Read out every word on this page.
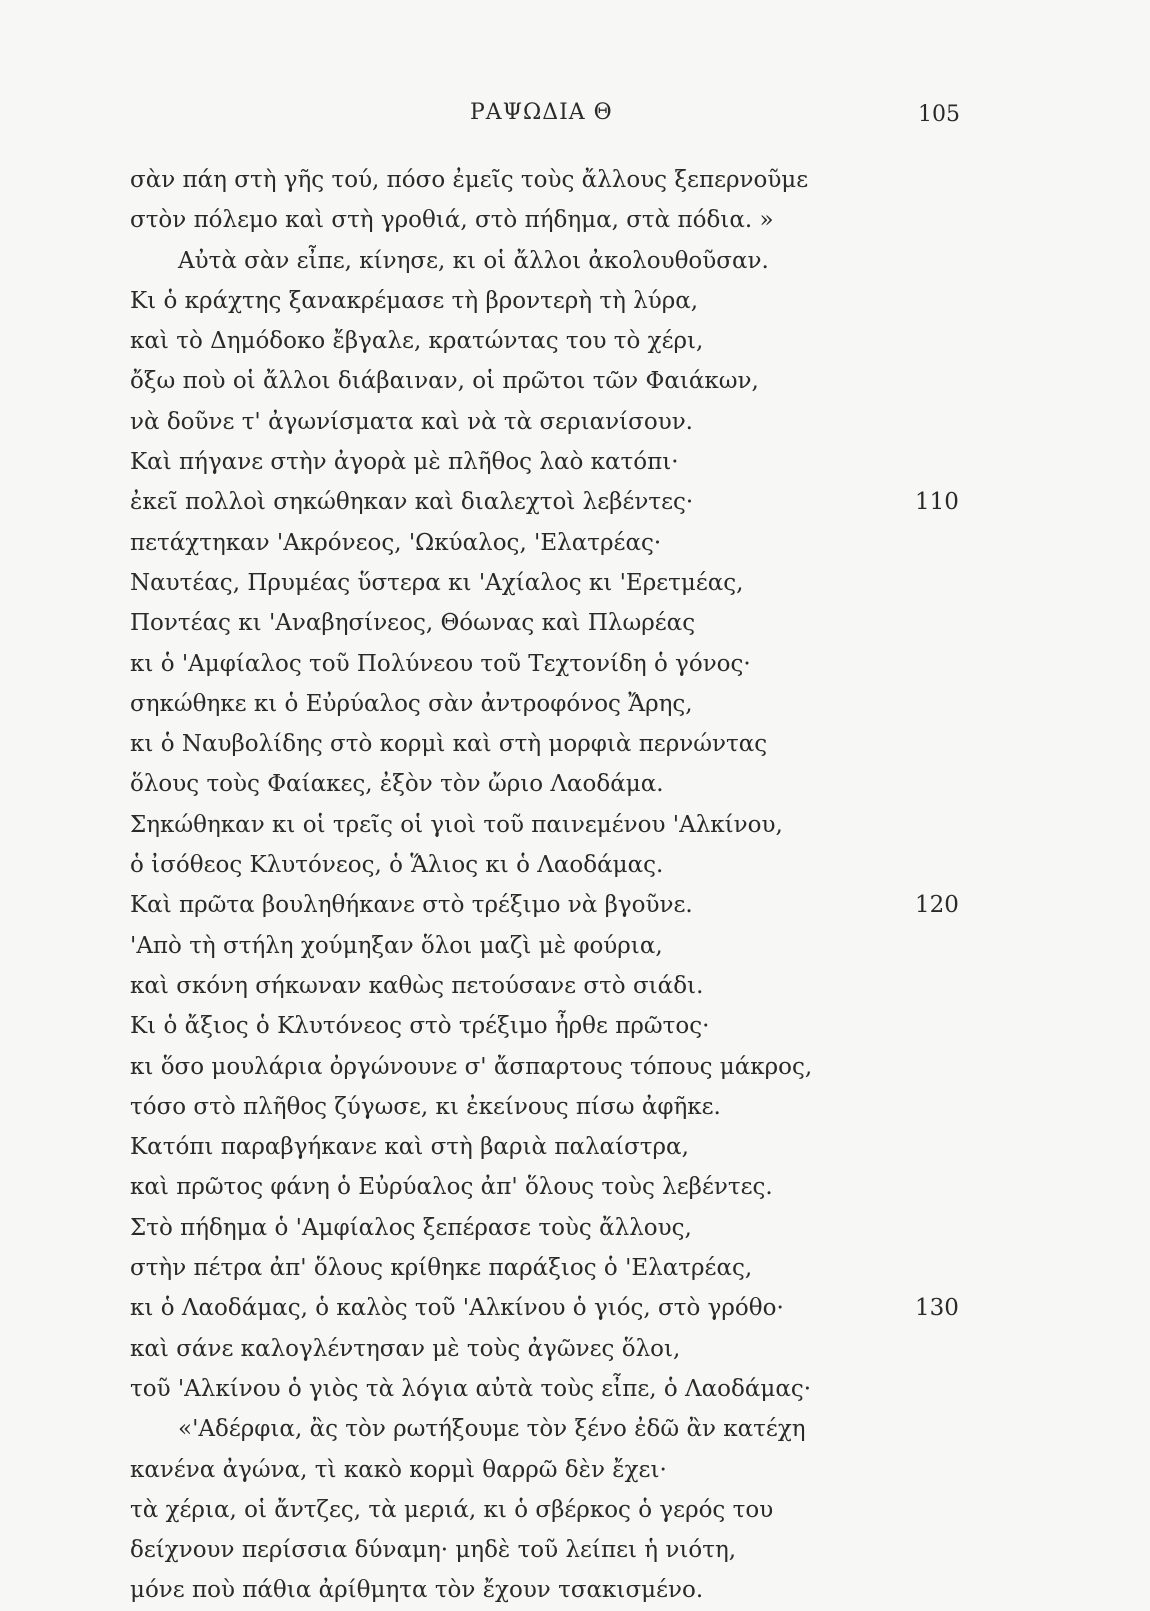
ΡΑΨΩΔΙΑ Θ	105
σὰν πάη στὴ γῆς τού, πόσο ἐμεῖς τοὺς ἄλλους ξεπερνοῦμε
στὸν πόλεμο καὶ στὴ γροθιά, στὸ πήδημα, στὰ πόδια. »
Αὐτὰ σὰν εἶπε, κίνησε, κι οἱ ἄλλοι ἀκολουθοῦσαν.
Κι ὁ κράχτης ξανακρέμασε τὴ βροντερὴ τὴ λύρα,
καὶ τὸ Δημόδοκο ἔβγαλε, κρατώντας του τὸ χέρι,
ὄξω ποὺ οἱ ἄλλοι διάβαιναν, οἱ πρῶτοι τῶν Φαιάκων,
νὰ δοῦνε τ' ἀγωνίσματα καὶ νὰ τὰ σεριανίσουν.
Καὶ πήγανε στὴν ἀγορὰ μὲ πλῆθος λαὸ κατόπι·
ἐκεῖ πολλοὶ σηκώθηκαν καὶ διαλεχτοὶ λεβέντες·	110
πετάχτηκαν 'Ακρόνεος, 'Ωκύαλος, 'Ελατρέας·
Ναυτέας, Πρυμέας ὕστερα κι 'Αχίαλος κι 'Ερετμέας,
Ποντέας κι 'Αναβησίνεος, Θόωνας καὶ Πλωρέας
κι ὁ 'Αμφίαλος τοῦ Πολύνεου τοῦ Τεχτονίδη ὁ γόνος·
σηκώθηκε κι ὁ Εὐρύαλος σὰν ἀντροφόνος Ἄρης,
κι ὁ Ναυβολίδης στὸ κορμὶ καὶ στὴ μορφιὰ περνώντας
ὅλους τοὺς Φαίακες, ἐξὸν τὸν ὤριο Λαοδάμα.
Σηκώθηκαν κι οἱ τρεῖς οἱ γιοὶ τοῦ παινεμένου 'Αλκίνου,
ὁ ἰσόθεος Κλυτόνεος, ὁ Ἅλιος κι ὁ Λαοδάμας.
Καὶ πρῶτα βουληθήκανε στὸ τρέξιμο νὰ βγοῦνε.	120
'Απὸ τὴ στήλη χούμηξαν ὅλοι μαζὶ μὲ φούρια,
καὶ σκόνη σήκωναν καθὼς πετούσανε στὸ σιάδι.
Κι ὁ ἄξιος ὁ Κλυτόνεος στὸ τρέξιμο ἦρθε πρῶτος·
κι ὅσο μουλάρια ὀργώνουνε σ' ἄσπαρτους τόπους μάκρος,
τόσο στὸ πλῆθος ζύγωσε, κι ἐκείνους πίσω ἀφῆκε.
Κατόπι παραβγήκανε καὶ στὴ βαριὰ παλαίστρα,
καὶ πρῶτος φάνη ὁ Εὐρύαλος ἀπ' ὅλους τοὺς λεβέντες.
Στὸ πήδημα ὁ 'Αμφίαλος ξεπέρασε τοὺς ἄλλους,
στὴν πέτρα ἀπ' ὅλους κρίθηκε παράξιος ὁ 'Ελατρέας,
κι ὁ Λαοδάμας, ὁ καλὸς τοῦ 'Αλκίνου ὁ γιός, στὸ γρόθο·	130
καὶ σάνε καλογλέντησαν μὲ τοὺς ἀγῶνες ὅλοι,
τοῦ 'Αλκίνου ὁ γιὸς τὰ λόγια αὐτὰ τοὺς εἶπε, ὁ Λαοδάμας·
«'Αδέρφια, ἂς τὸν ρωτήξουμε τὸν ξένο ἐδῶ ἂν κατέχη
κανένα ἀγώνα, τὶ κακὸ κορμὶ θαρρῶ δὲν ἔχει·
τὰ χέρια, οἱ ἄντζες, τὰ μεριά, κι ὁ σβέρκος ὁ γερός του
δείχνουν περίσσια δύναμη· μηδὲ τοῦ λείπει ἡ νιότη,
μόνε ποὺ πάθια ἀρίθμητα τὸν ἔχουν τσακισμένο.
